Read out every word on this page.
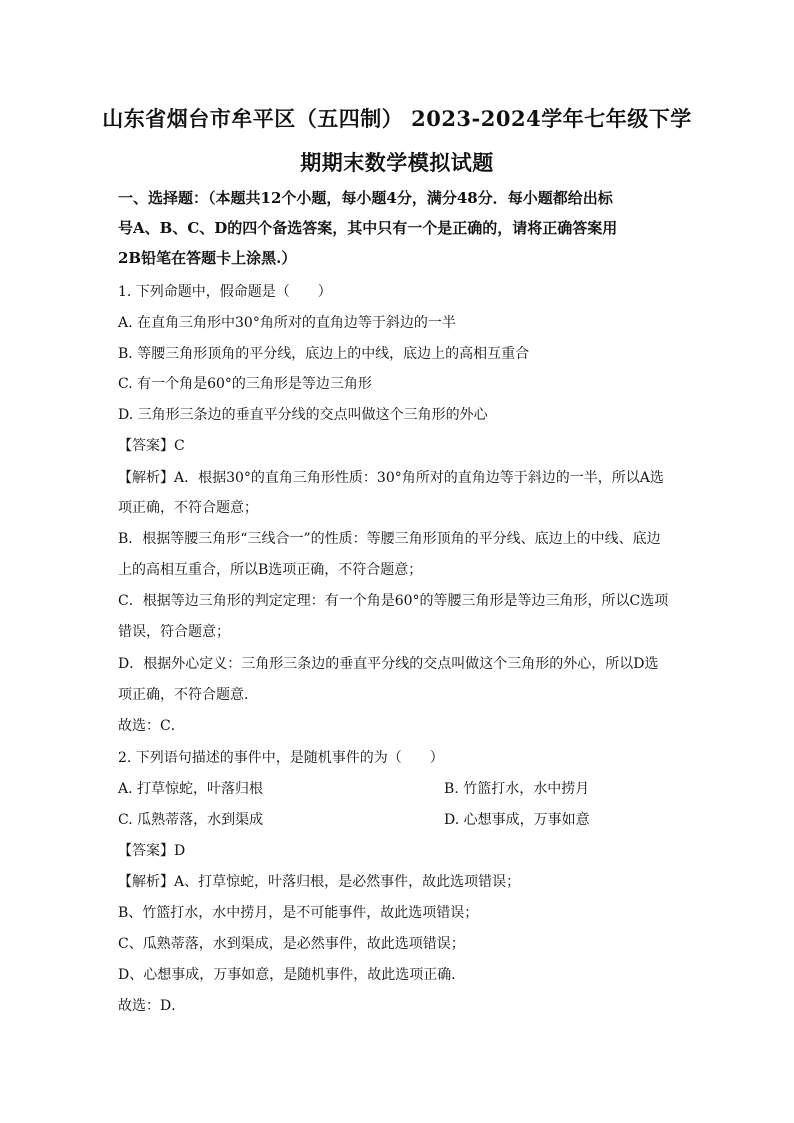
山东省烟台市牟平区（五四制） 2023-2024学年七年级下学
期期末数学模拟试题
一、选择题：（本题共12个小题，每小题4分，满分48分．每小题都给出标
号A、B、C、D的四个备选答案，其中只有一个是正确的，请将正确答案用
2B铅笔在答题卡上涂黑.）
1. 下列命题中，假命题是（　　）
A. 在直角三角形中30°角所对的直角边等于斜边的一半
B. 等腰三角形顶角的平分线，底边上的中线，底边上的高相互重合
C. 有一个角是60°的三角形是等边三角形
D. 三角形三条边的垂直平分线的交点叫做这个三角形的外心
【答案】C
【解析】A．根据30°的直角三角形性质：30°角所对的直角边等于斜边的一半，所以A选
项正确，不符合题意；
B．根据等腰三角形“三线合一”的性质：等腰三角形顶角的平分线、底边上的中线、底边
上的高相互重合，所以B选项正确，不符合题意；
C．根据等边三角形的判定定理：有一个角是60°的等腰三角形是等边三角形，所以C选项
错误，符合题意；
D．根据外心定义：三角形三条边的垂直平分线的交点叫做这个三角形的外心，所以D选
项正确，不符合题意．
故选：C．
2. 下列语句描述的事件中，是随机事件的为（　　）
A. 打草惊蛇，叶落归根	B. 竹篮打水，水中捞月
C. 瓜熟蒂落，水到渠成	D. 心想事成，万事如意
【答案】D
【解析】A、打草惊蛇，叶落归根，是必然事件，故此选项错误；
B、竹篮打水，水中捞月，是不可能事件，故此选项错误；
C、瓜熟蒂落，水到渠成，是必然事件，故此选项错误；
D、心想事成，万事如意，是随机事件，故此选项正确．
故选：D．
